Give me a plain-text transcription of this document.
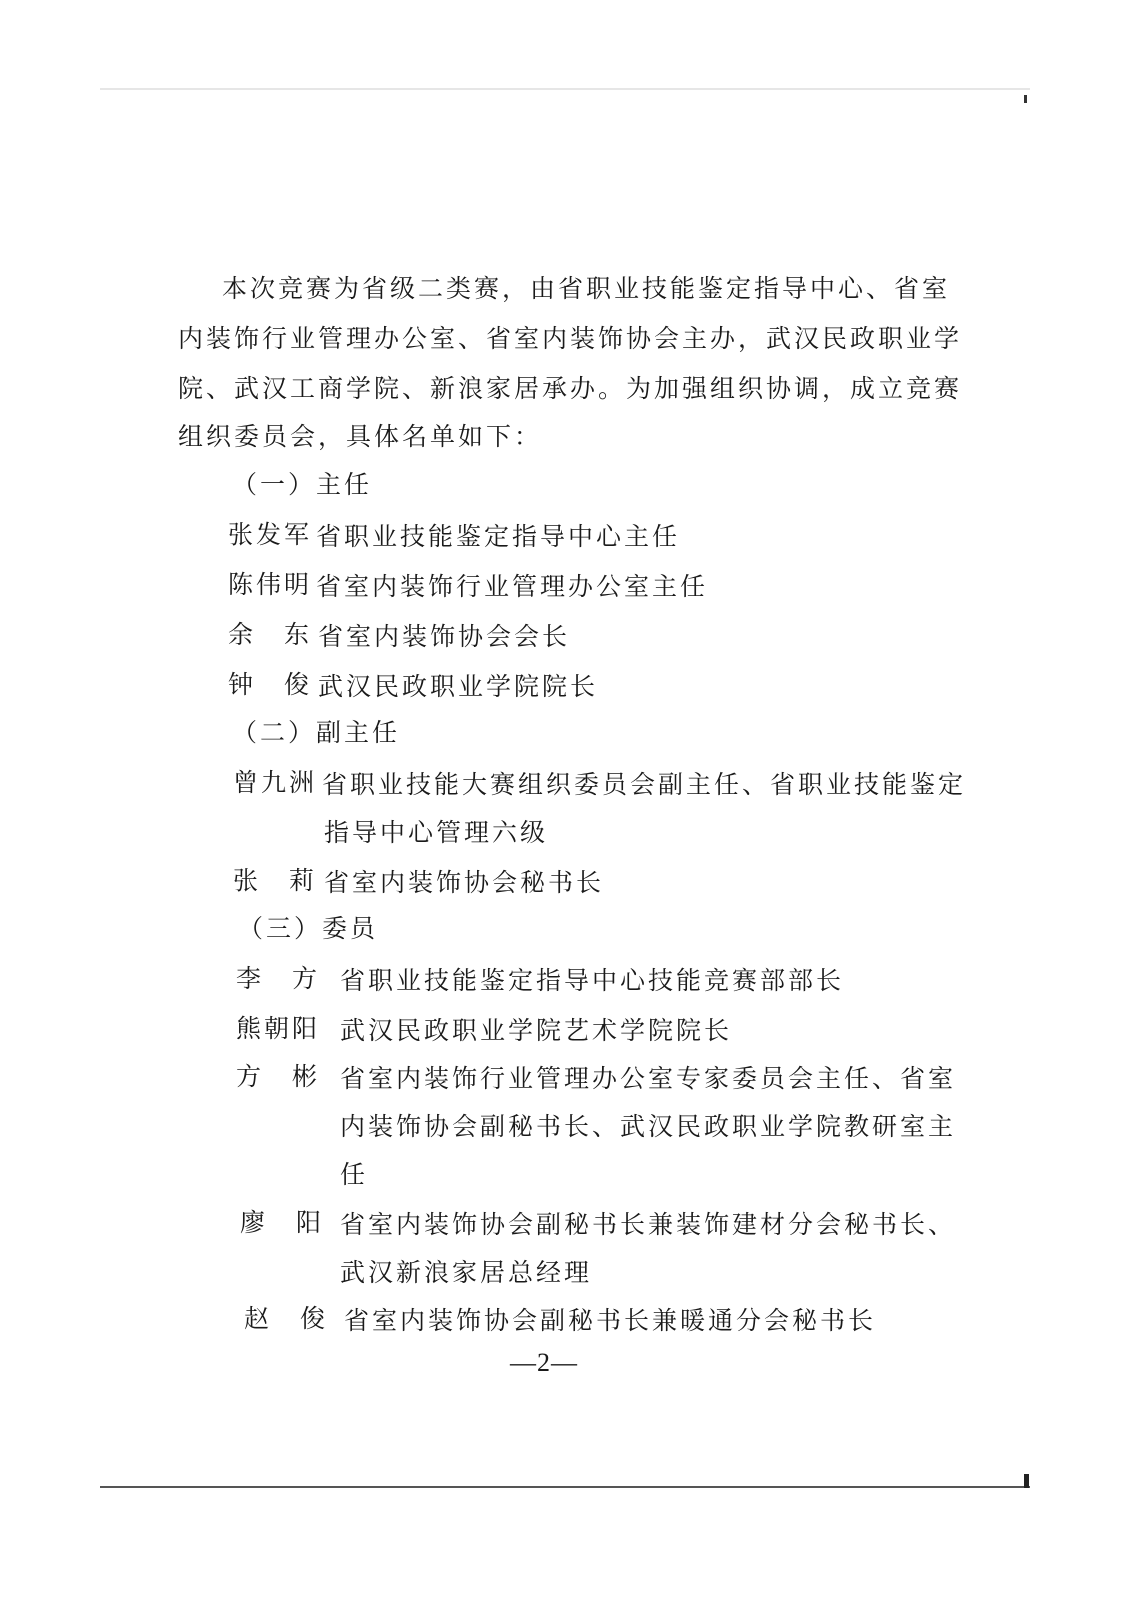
本次竞赛为省级二类赛，由省职业技能鉴定指导中心、省室
内装饰行业管理办公室、省室内装饰协会主办，武汉民政职业学
院、武汉工商学院、新浪家居承办。为加强组织协调，成立竞赛
组织委员会，具体名单如下：
（一）主任
张发军 省职业技能鉴定指导中心主任
陈伟明 省室内装饰行业管理办公室主任
余　东 省室内装饰协会会长
钟　俊 武汉民政职业学院院长
（二）副主任
曾九洲 省职业技能大赛组织委员会副主任、省职业技能鉴定
指导中心管理六级
张　莉 省室内装饰协会秘书长
（三）委员
李　方 省职业技能鉴定指导中心技能竞赛部部长
熊朝阳 武汉民政职业学院艺术学院院长
方　彬 省室内装饰行业管理办公室专家委员会主任、省室
内装饰协会副秘书长、武汉民政职业学院教研室主
任
廖　阳 省室内装饰协会副秘书长兼装饰建材分会秘书长、
武汉新浪家居总经理
赵　俊 省室内装饰协会副秘书长兼暖通分会秘书长
—2—
